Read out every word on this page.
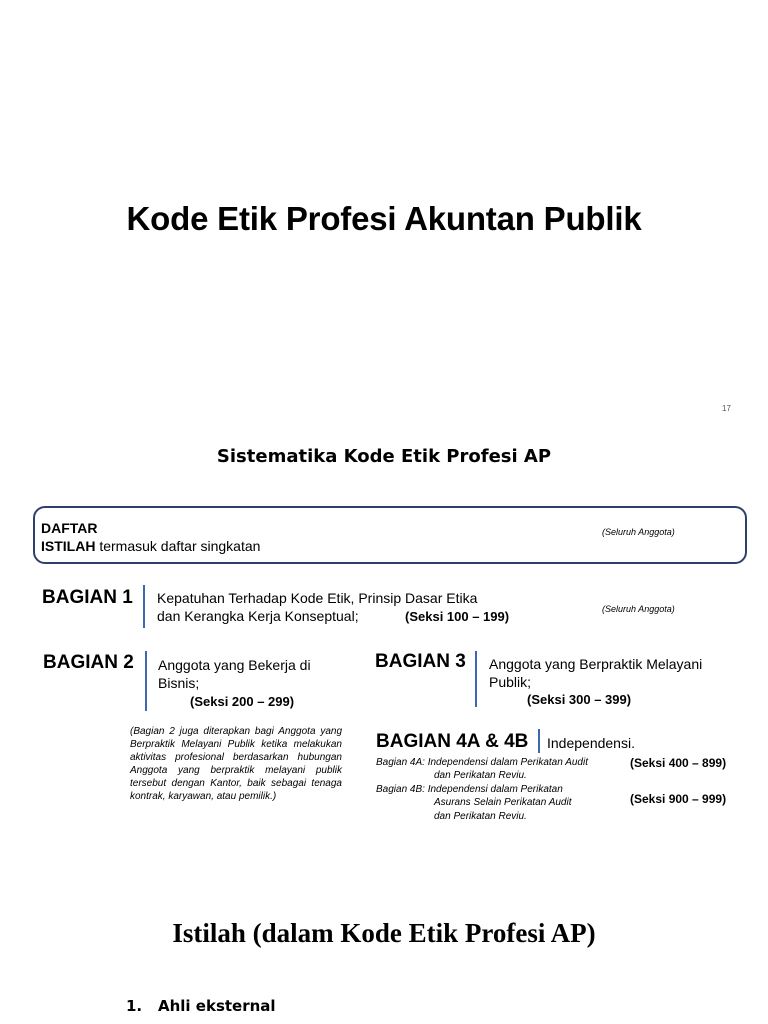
Kode Etik Profesi Akuntan Publik
17
Sistematika Kode Etik Profesi AP
DAFTAR
ISTILAH termasuk daftar singkatan
(Seluruh Anggota)
BAGIAN 1 Kepatuhan Terhadap Kode Etik, Prinsip Dasar Etika
dan Kerangka Kerja Konseptual;	(Seksi 100 – 199)	(Seluruh Anggota)
BAGIAN 2 Anggota yang Bekerja di
Bisnis;
(Seksi 200 – 299)
(Bagian 2 juga diterapkan bagi Anggota yang Berpraktik Melayani Publik ketika melakukan aktivitas profesional berdasarkan hubungan Anggota yang berpraktik melayani publik tersebut dengan Kantor, baik sebagai tenaga kontrak, karyawan, atau pemilik.)
BAGIAN 3 Anggota yang Berpraktik Melayani
Publik;
(Seksi 300 – 399)
BAGIAN 4A & 4B Independensi.
Bagian 4A: Independensi dalam Perikatan Audit
dan Perikatan Reviu.
(Seksi 400 – 899)
Bagian 4B: Independensi dalam Perikatan
Asurans Selain Perikatan Audit
dan Perikatan Reviu.
(Seksi 900 – 999)
Istilah (dalam Kode Etik Profesi AP)
1. Ahli eksternal
